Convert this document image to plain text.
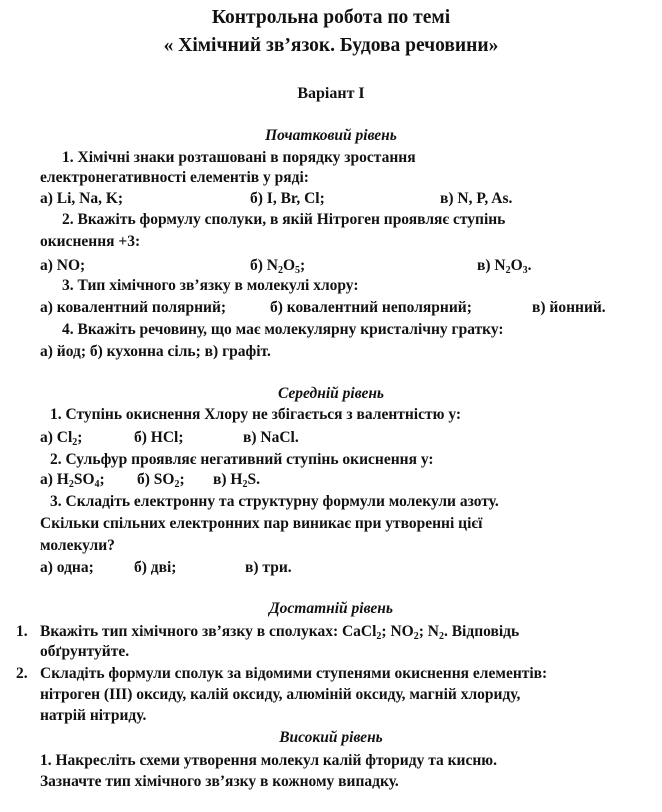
Контрольна робота по темі
« Хімічний зв’язок. Будова речовини»
Варіант І
Початковий рівень
1. Хімічні знаки розташовані в порядку зростання
електронегативності елементів у ряді:
а) Li, Na, K;	б) I, Br, Cl;	в) N, P, As.
2. Вкажіть формулу сполуки, в якій Нітроген проявляє ступінь
окиснення +3:
а) NO;	б) $N_2O_5$;	в) $N_2O_3$.
3. Тип хімічного зв’язку в молекулі хлору:
а) ковалентний полярний;	б) ковалентний неполярний;	в) йонний.
4. Вкажіть речовину, що має молекулярну кристалічну гратку:
а) йод; б) кухонна сіль; в) графіт.
Середній рівень
1. Ступінь окиснення Хлору не збігається з валентністю у:
а) $Cl_2$;	б) HCl;	в) NaCl.
2. Сульфур проявляє негативний ступінь окиснення у:
а) $H_2SO_4$; б) $SO_2$; в) $H_2S$.
3. Складіть електронну та структурну формули молекули азоту.
Скільки спільних електронних пар виникає при утворенні цієї
молекули?
а) одна;	б) дві;	в) три.
Достатній рівень
1. Вкажіть тип хімічного зв’язку в сполуках: CaCl$_2$; $NO_2$; $N_2$. Відповідь
обґрунтуйте.
2. Складіть формули сполук за відомими ступенями окиснення елементів:
нітроген (ІІІ) оксиду, калій оксиду, алюміній оксиду, магній хлориду,
натрій нітриду.
Високий рівень
1. Накресліть схеми утворення молекул калій фториду та кисню.
Зазначте тип хімічного зв’язку в кожному випадку.
